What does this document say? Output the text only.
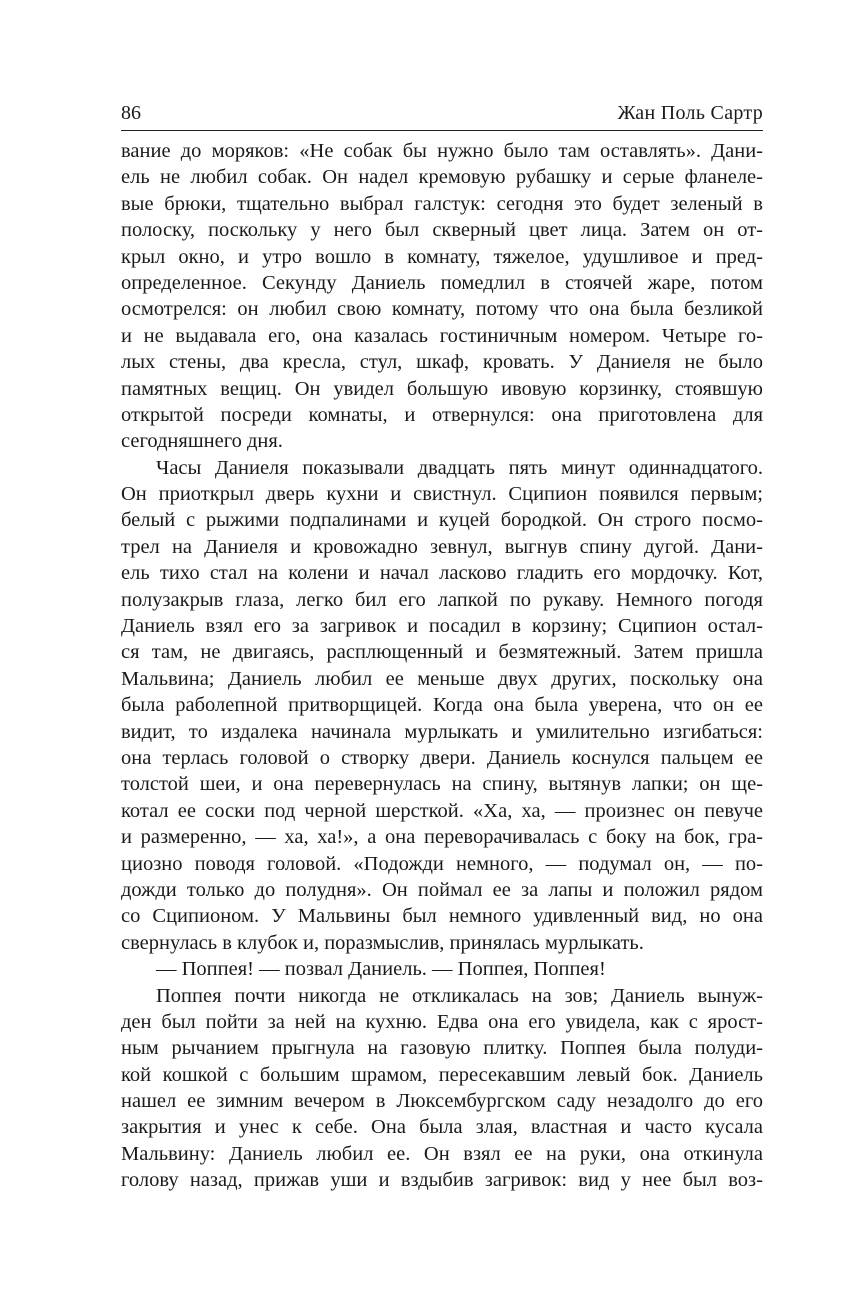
86	Жан Поль Сартр
вание до моряков: «Не собак бы нужно было там оставлять». Дани-
ель не любил собак. Он надел кремовую рубашку и серые фланеле-
вые брюки, тщательно выбрал галстук: сегодня это будет зеленый в
полоску, поскольку у него был скверный цвет лица. Затем он от-
крыл окно, и утро вошло в комнату, тяжелое, удушливое и пред-
определенное. Секунду Даниель помедлил в стоячей жаре, потом
осмотрелся: он любил свою комнату, потому что она была безликой
и не выдавала его, она казалась гостиничным номером. Четыре го-
лых стены, два кресла, стул, шкаф, кровать. У Даниеля не было
памятных вещиц. Он увидел большую ивовую корзинку, стоявшую
открытой посреди комнаты, и отвернулся: она приготовлена для
сегодняшнего дня.
Часы Даниеля показывали двадцать пять минут одиннадцатого.
Он приоткрыл дверь кухни и свистнул. Сципион появился первым;
белый с рыжими подпалинами и куцей бородкой. Он строго посмо-
трел на Даниеля и кровожадно зевнул, выгнув спину дугой. Дани-
ель тихо стал на колени и начал ласково гладить его мордочку. Кот,
полузакрыв глаза, легко бил его лапкой по рукаву. Немного погодя
Даниель взял его за загривок и посадил в корзину; Сципион остал-
ся там, не двигаясь, расплющенный и безмятежный. Затем пришла
Мальвина; Даниель любил ее меньше двух других, поскольку она
была раболепной притворщицей. Когда она была уверена, что он ее
видит, то издалека начинала мурлыкать и умилительно изгибаться:
она терлась головой о створку двери. Даниель коснулся пальцем ее
толстой шеи, и она перевернулась на спину, вытянув лапки; он ще-
котал ее соски под черной шерсткой. «Ха, ха, — произнес он певуче
и размеренно, — ха, ха!», а она переворачивалась с боку на бок, гра-
циозно поводя головой. «Подожди немного, — подумал он, — по-
дожди только до полудня». Он поймал ее за лапы и положил рядом
со Сципионом. У Мальвины был немного удивленный вид, но она
свернулась в клубок и, поразмыслив, принялась мурлыкать.
— Поппея! — позвал Даниель. — Поппея, Поппея!
Поппея почти никогда не откликалась на зов; Даниель вынуж-
ден был пойти за ней на кухню. Едва она его увидела, как с ярост-
ным рычанием прыгнула на газовую плитку. Поппея была полуди-
кой кошкой с большим шрамом, пересекавшим левый бок. Даниель
нашел ее зимним вечером в Люксембургском саду незадолго до его
закрытия и унес к себе. Она была злая, властная и часто кусала
Мальвину: Даниель любил ее. Он взял ее на руки, она откинула
голову назад, прижав уши и вздыбив загривок: вид у нее был воз-
